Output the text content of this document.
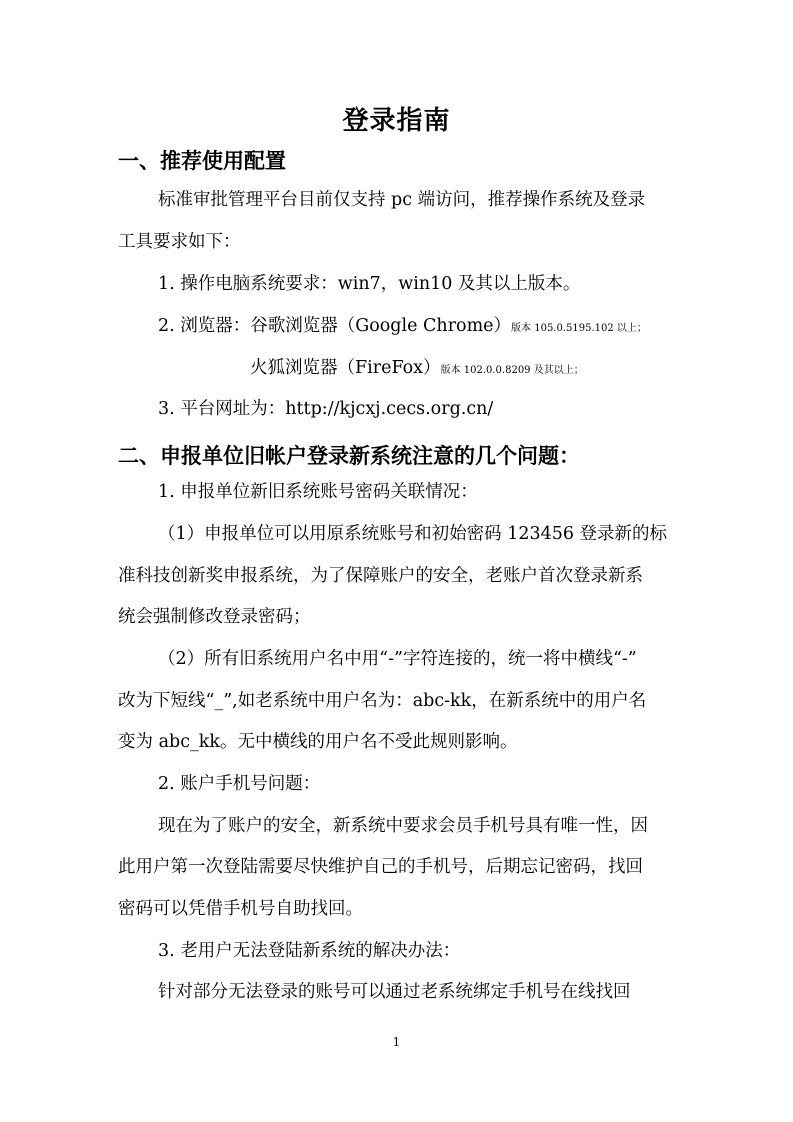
登录指南
一、推荐使用配置
标准审批管理平台目前仅支持 pc 端访问，推荐操作系统及登录
工具要求如下：
1. 操作电脑系统要求：win7，win10 及其以上版本。
2. 浏览器：谷歌浏览器（Google Chrome）版本 105.0.5195.102 以上；
火狐浏览器（FireFox）版本 102.0.0.8209 及其以上；
3. 平台网址为：http://kjcxj.cecs.org.cn/
二、申报单位旧帐户登录新系统注意的几个问题：
1. 申报单位新旧系统账号密码关联情况：
（1）申报单位可以用原系统账号和初始密码 123456 登录新的标
准科技创新奖申报系统，为了保障账户的安全，老账户首次登录新系
统会强制修改登录密码；
（2）所有旧系统用户名中用“-”字符连接的，统一将中横线“-”
改为下短线“_”,如老系统中用户名为：abc-kk，在新系统中的用户名
变为 abc_kk。无中横线的用户名不受此规则影响。
2. 账户手机号问题：
现在为了账户的安全，新系统中要求会员手机号具有唯一性，因
此用户第一次登陆需要尽快维护自己的手机号，后期忘记密码，找回
密码可以凭借手机号自助找回。
3. 老用户无法登陆新系统的解决办法：
针对部分无法登录的账号可以通过老系统绑定手机号在线找回
1
